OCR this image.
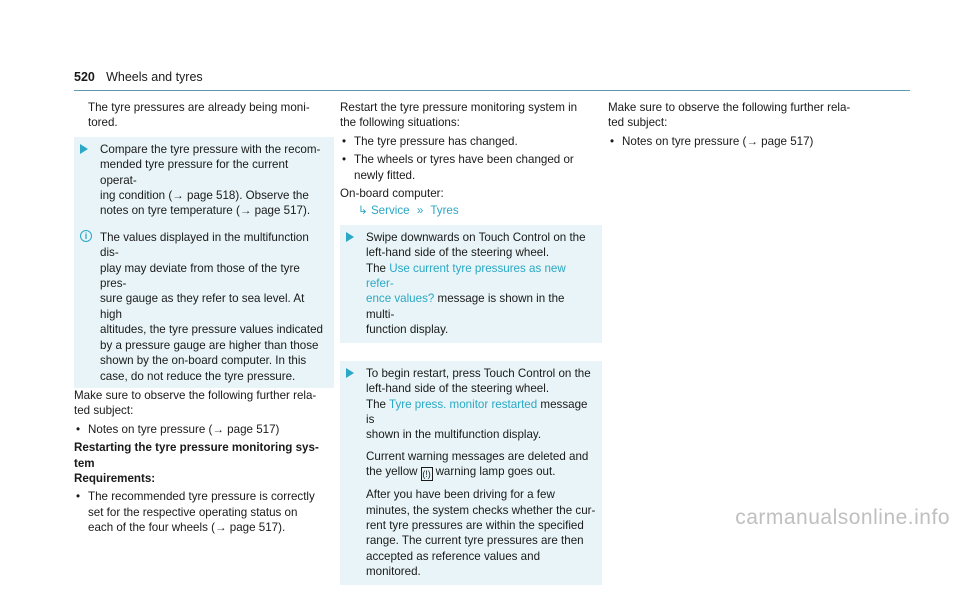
520 Wheels and tyres
The tyre pressures are already being moni-
tored.
Compare the tyre pressure with the recom-
mended tyre pressure for the current operat-
ing condition (→ page 518). Observe the
notes on tyre temperature (→ page 517).
i	The values displayed in the multifunction dis-
play may deviate from those of the tyre pres-
sure gauge as they refer to sea level. At high
altitudes, the tyre pressure values indicated
by a pressure gauge are higher than those
shown by the on-board computer. In this
case, do not reduce the tyre pressure.
Make sure to observe the following further rela-
ted subject:
• Notes on tyre pressure (→ page 517)
Restarting the tyre pressure monitoring sys-
tem
Requirements:
• The recommended tyre pressure is correctly
set for the respective operating status on
each of the four wheels (→ page 517).
Restart the tyre pressure monitoring system in
the following situations:
• The tyre pressure has changed.
• The wheels or tyres have been changed or
newly fitted.
On-board computer:
↳ Service » Tyres
Swipe downwards on Touch Control on the
left-hand side of the steering wheel.
The Use current tyre pressures as new refer-
ence values? message is shown in the multi-
function display.
To begin restart, press Touch Control on the
left-hand side of the steering wheel.
The Tyre press. monitor restarted message is
shown in the multifunction display.
Current warning messages are deleted and
the yellow (!) warning lamp goes out.
After you have been driving for a few
minutes, the system checks whether the cur-
rent tyre pressures are within the specified
range. The current tyre pressures are then
accepted as reference values and monitored.
Make sure to observe the following further rela-
ted subject:
• Notes on tyre pressure (→ page 517)
carmanualsonline.info
